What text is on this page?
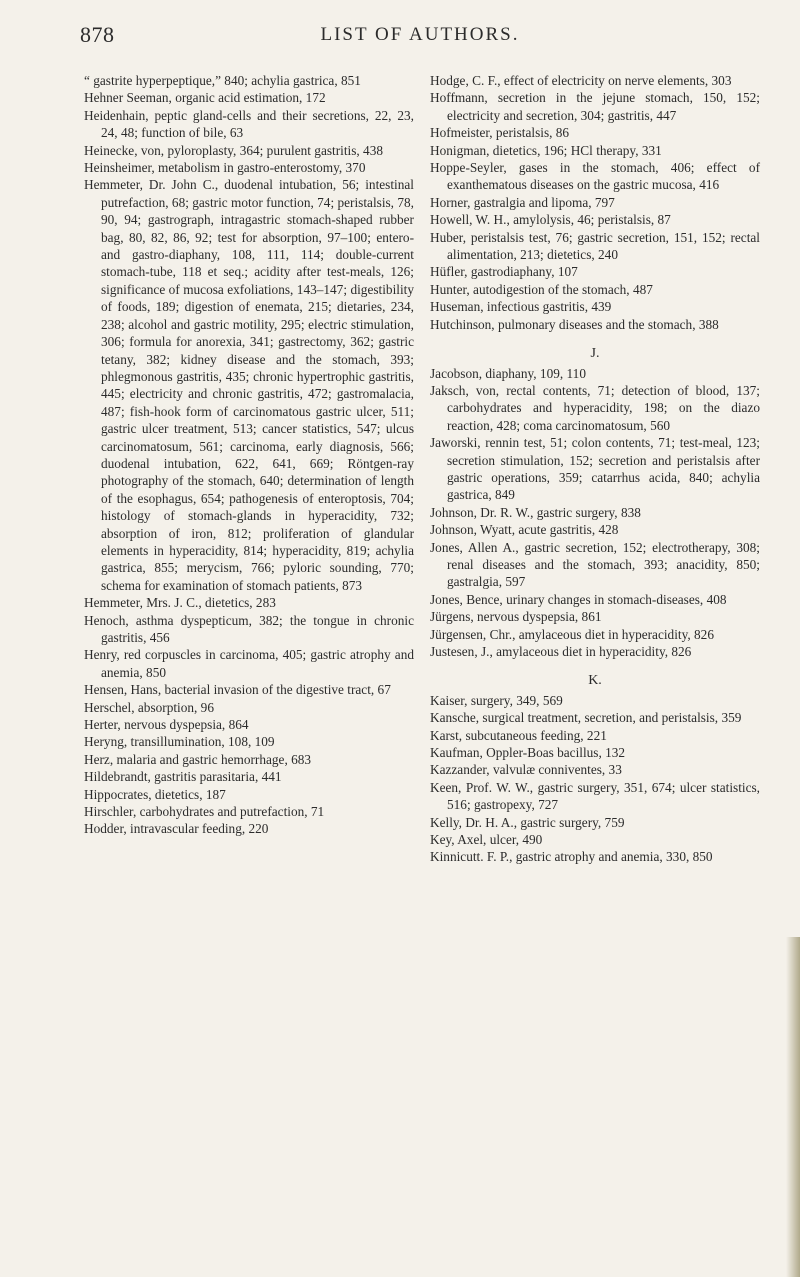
878	LIST OF AUTHORS.
“ gastrite hyperpeptique,” 840; achylia gastrica, 851
Hehner Seeman, organic acid estimation, 172
Heidenhain, peptic gland-cells and their secretions, 22, 23, 24, 48; function of bile, 63
Heinecke, von, pyloroplasty, 364; purulent gastritis, 438
Heinsheimer, metabolism in gastro-enterostomy, 370
Hemmeter, Dr. John C., duodenal intubation, 56; intestinal putrefaction, 68; gastric motor function, 74; peristalsis, 78, 90, 94; gastrograph, intragastric stomach-shaped rubber bag, 80, 82, 86, 92; test for absorption, 97–100; entero- and gastro-diaphany, 108, 111, 114; double-current stomach-tube, 118 et seq.; acidity after test-meals, 126; significance of mucosa exfoliations, 143–147; digestibility of foods, 189; digestion of enemata, 215; dietaries, 234, 238; alcohol and gastric motility, 295; electric stimulation, 306; formula for anorexia, 341; gastrectomy, 362; gastric tetany, 382; kidney disease and the stomach, 393; phlegmonous gastritis, 435; chronic hypertrophic gastritis, 445; electricity and chronic gastritis, 472; gastromalacia, 487; fish-hook form of carcinomatous gastric ulcer, 511; gastric ulcer treatment, 513; cancer statistics, 547; ulcus carcinomatosum, 561; carcinoma, early diagnosis, 566; duodenal intubation, 622, 641, 669; Röntgen-ray photography of the stomach, 640; determination of length of the esophagus, 654; pathogenesis of enteroptosis, 704; histology of stomach-glands in hyperacidity, 732; absorption of iron, 812; proliferation of glandular elements in hyperacidity, 814; hyperacidity, 819; achylia gastrica, 855; merycism, 766; pyloric sounding, 770; schema for examination of stomach patients, 873
Hemmeter, Mrs. J. C., dietetics, 283
Henoch, asthma dyspepticum, 382; the tongue in chronic gastritis, 456
Henry, red corpuscles in carcinoma, 405; gastric atrophy and anemia, 850
Hensen, Hans, bacterial invasion of the digestive tract, 67
Herschel, absorption, 96
Herter, nervous dyspepsia, 864
Heryng, transillumination, 108, 109
Herz, malaria and gastric hemorrhage, 683
Hildebrandt, gastritis parasitaria, 441
Hippocrates, dietetics, 187
Hirschler, carbohydrates and putrefaction, 71
Hodder, intravascular feeding, 220
Hodge, C. F., effect of electricity on nerve elements, 303
Hoffmann, secretion in the jejune stomach, 150, 152; electricity and secretion, 304; gastritis, 447
Hofmeister, peristalsis, 86
Honigman, dietetics, 196; HCl therapy, 331
Hoppe-Seyler, gases in the stomach, 406; effect of exanthematous diseases on the gastric mucosa, 416
Horner, gastralgia and lipoma, 797
Howell, W. H., amylolysis, 46; peristalsis, 87
Huber, peristalsis test, 76; gastric secretion, 151, 152; rectal alimentation, 213; dietetics, 240
Hüfler, gastrodiaphany, 107
Hunter, autodigestion of the stomach, 487
Huseman, infectious gastritis, 439
Hutchinson, pulmonary diseases and the stomach, 388
J.
Jacobson, diaphany, 109, 110
Jaksch, von, rectal contents, 71; detection of blood, 137; carbohydrates and hyperacidity, 198; on the diazo reaction, 428; coma carcinomatosum, 560
Jaworski, rennin test, 51; colon contents, 71; test-meal, 123; secretion stimulation, 152; secretion and peristalsis after gastric operations, 359; catarrhus acida, 840; achylia gastrica, 849
Johnson, Dr. R. W., gastric surgery, 838
Johnson, Wyatt, acute gastritis, 428
Jones, Allen A., gastric secretion, 152; electrotherapy, 308; renal diseases and the stomach, 393; anacidity, 850; gastralgia, 597
Jones, Bence, urinary changes in stomach-diseases, 408
Jürgens, nervous dyspepsia, 861
Jürgensen, Chr., amylaceous diet in hyperacidity, 826
Justesen, J., amylaceous diet in hyperacidity, 826
K.
Kaiser, surgery, 349, 569
Kansche, surgical treatment, secretion, and peristalsis, 359
Karst, subcutaneous feeding, 221
Kaufman, Oppler-Boas bacillus, 132
Kazzander, valvulæ conniventes, 33
Keen, Prof. W. W., gastric surgery, 351, 674; ulcer statistics, 516; gastropexy, 727
Kelly, Dr. H. A., gastric surgery, 759
Key, Axel, ulcer, 490
Kinnicutt. F. P., gastric atrophy and anemia, 330, 850
